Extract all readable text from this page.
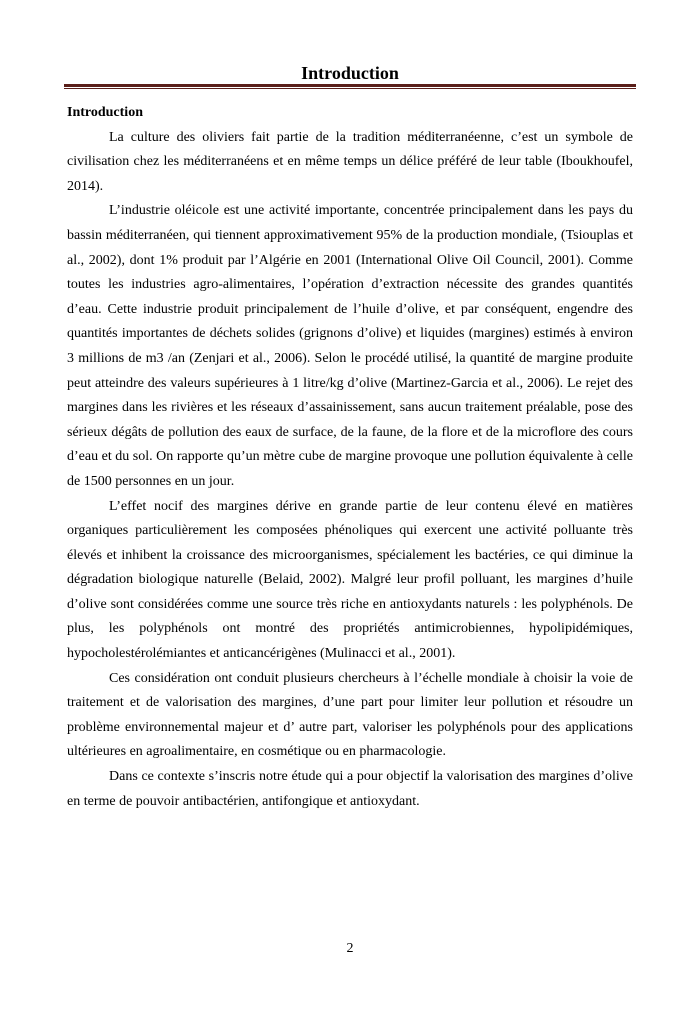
Introduction

Introduction

La culture des oliviers fait partie de la tradition méditerranéenne, c’est un symbole de civilisation chez les méditerranéens et en même temps un délice préféré de leur table (Iboukhoufel, 2014).

L’industrie oléicole est une activité importante, concentrée principalement dans les pays du bassin méditerranéen, qui tiennent approximativement 95% de la production mondiale, (Tsiouplas et al., 2002), dont 1% produit par l’Algérie en 2001 (International Olive Oil Council, 2001). Comme toutes les industries agro-alimentaires, l’opération d’extraction nécessite des grandes quantités d’eau. Cette industrie produit principalement de l’huile d’olive, et par conséquent, engendre des quantités importantes de déchets solides (grignons d’olive) et liquides (margines) estimés à environ 3 millions de m3 /an (Zenjari et al., 2006). Selon le procédé utilisé, la quantité de margine produite peut atteindre des valeurs supérieures à 1 litre/kg d’olive (Martinez-Garcia et al., 2006). Le rejet des margines dans les rivières et les réseaux d’assainissement, sans aucun traitement préalable, pose des sérieux dégâts de pollution des eaux de surface, de la faune, de la flore et de la microflore des cours d’eau et du sol. On rapporte qu’un mètre cube de margine provoque une pollution équivalente à celle de 1500 personnes en un jour.

L’effet nocif des margines dérive en grande partie de leur contenu élevé en matières organiques particulièrement les composées phénoliques qui exercent une activité polluante très élevés et inhibent la croissance des microorganismes, spécialement les bactéries, ce qui diminue la dégradation biologique naturelle (Belaid, 2002). Malgré leur profil polluant, les margines d’huile d’olive sont considérées comme une source très riche en antioxydants naturels : les polyphénols. De plus, les polyphénols ont montré des propriétés antimicrobiennes, hypolipidémiques, hypocholestérolémiantes et anticancérigènes (Mulinacci et al., 2001).

Ces considération ont conduit plusieurs chercheurs à l’échelle mondiale à choisir la voie de traitement et de valorisation des margines, d’une part pour limiter leur pollution et résoudre un problème environnemental majeur et d’ autre part, valoriser les polyphénols pour des applications ultérieures en agroalimentaire, en cosmétique ou en pharmacologie.

Dans ce contexte s’inscris notre étude qui a pour objectif la valorisation des margines d’olive en terme de pouvoir antibactérien, antifongique et antioxydant.

2
